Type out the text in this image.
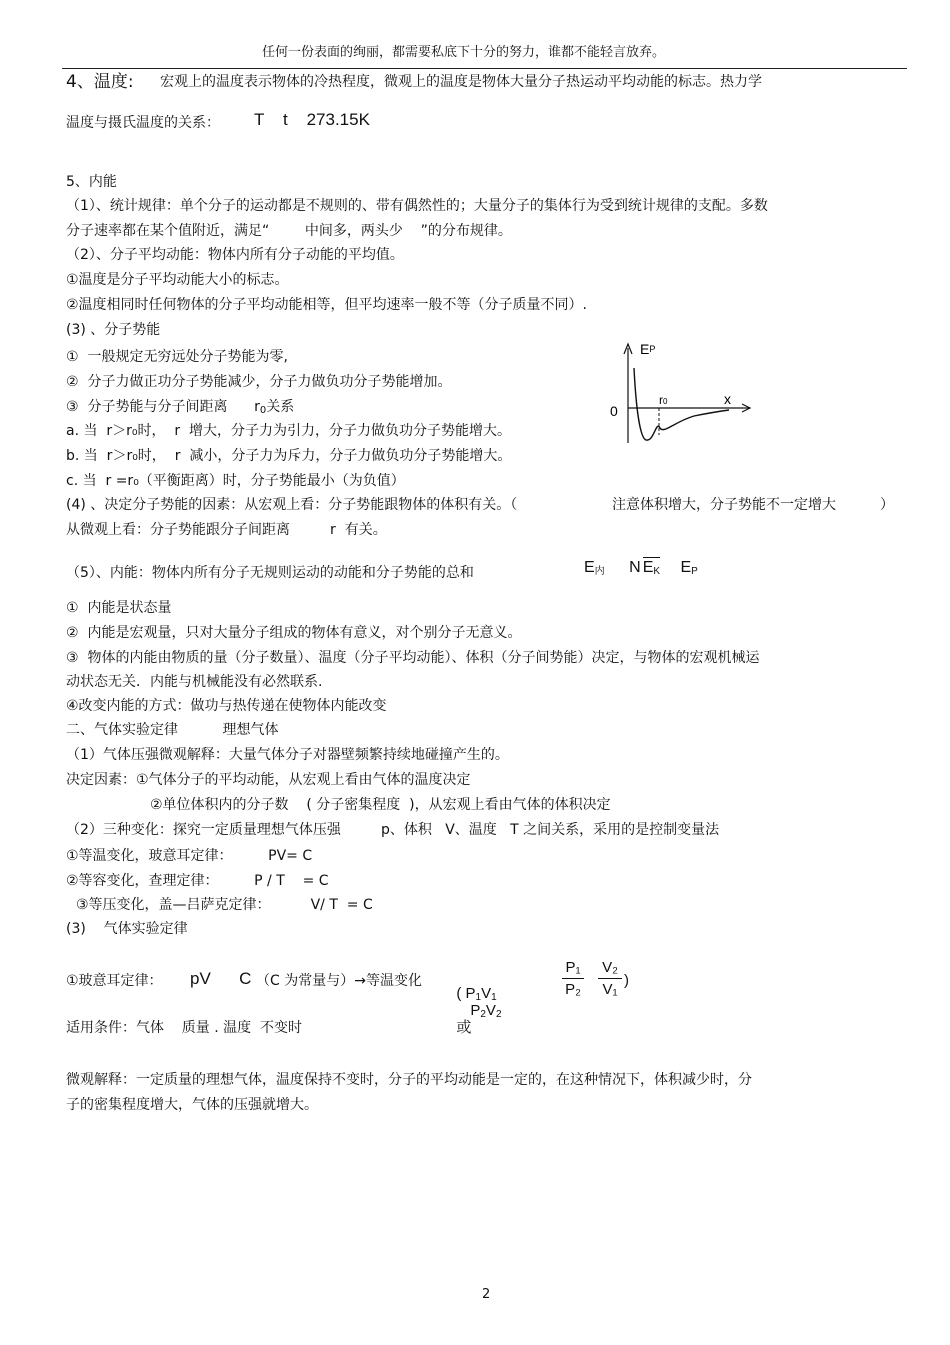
任何一份表面的绚丽，都需要私底下十分的努力，谁都不能轻言放弃。
4、温度: 宏观上的温度表示物体的冷热程度，微观上的温度是物体大量分子热运动平均动能的标志。热力学
温度与摄氏温度的关系： T    t    273.15K
5、内能
（1）、统计规律：单个分子的运动都是不规则的、带有偶然性的；大量分子的集体行为受到统计规律的支配。多数
分子速率都在某个值附近，满足“        中间多，两头少    ”的分布规律。
（2）、分子平均动能：物体内所有分子动能的平均值。
①温度是分子平均动能大小的标志。
②温度相同时任何物体的分子平均动能相等，但平均速率一般不等（分子质量不同）.
(3) 、分子势能
①  一般规定无穷远处分子势能为零,
②  分子力做正功分子势能减少，分子力做负功分子势能增加。
③  分子势能与分子间距离      $r_0$关系
a. 当  r＞r₀时，  r  增大，分子力为引力，分子力做负功分子势能增大。
b. 当  r＞r₀时，  r  减小，分子力为斥力，分子力做负功分子势能增大。
c. 当  r =r₀（平衡距离）时，分子势能最小（为负值）
EP
x
r0
0
(4) 、决定分子势能的因素：从宏观上看：分子势能跟物体的体积有关。（	注意体积增大，分子势能不一定增大	）
从微观上看：分子势能跟分子间距离         r  有关。
（5）、内能：物体内所有分子无规则运动的动能和分子势能的总和	$E_内$ N $E_K$ $E_P$
①  内能是状态量
②  内能是宏观量，只对大量分子组成的物体有意义，对个别分子无意义。
③  物体的内能由物质的量（分子数量）、温度（分子平均动能）、体积（分子间势能）决定，与物体的宏观机械运
动状态无关．内能与机械能没有必然联系.
④改变内能的方式：做功与热传递在使物体内能改变
二、气体实验定律          理想气体
（1）气体压强微观解释：大量气体分子对器壁频繁持续地碰撞产生的。
决定因素：①气体分子的平均动能，从宏观上看由气体的温度决定
②单位体积内的分子数    ( 分子密集程度  )，从宏观上看由气体的体积决定
（2）三种变化：探究一定质量理想气体压强         p、体积   V、温度   T 之间关系，采用的是控制变量法
①等温变化，玻意耳定律：        PV= C
②等容变化，查理定律：        P / T    = C
③等压变化，盖—吕萨克定律：         V/ T  = C
(3)    气体实验定律
①玻意耳定律： pV      C （C 为常量与）→等温变化

( $P_1V_1$
$P_2V_2$
或

P₁
P₂
V₂
V₁
)
适用条件：气体    质量 . 温度  不变时
微观解释：一定质量的理想气体，温度保持不变时，分子的平均动能是一定的，在这种情况下，体积减少时，分
子的密集程度增大，气体的压强就增大。
2
